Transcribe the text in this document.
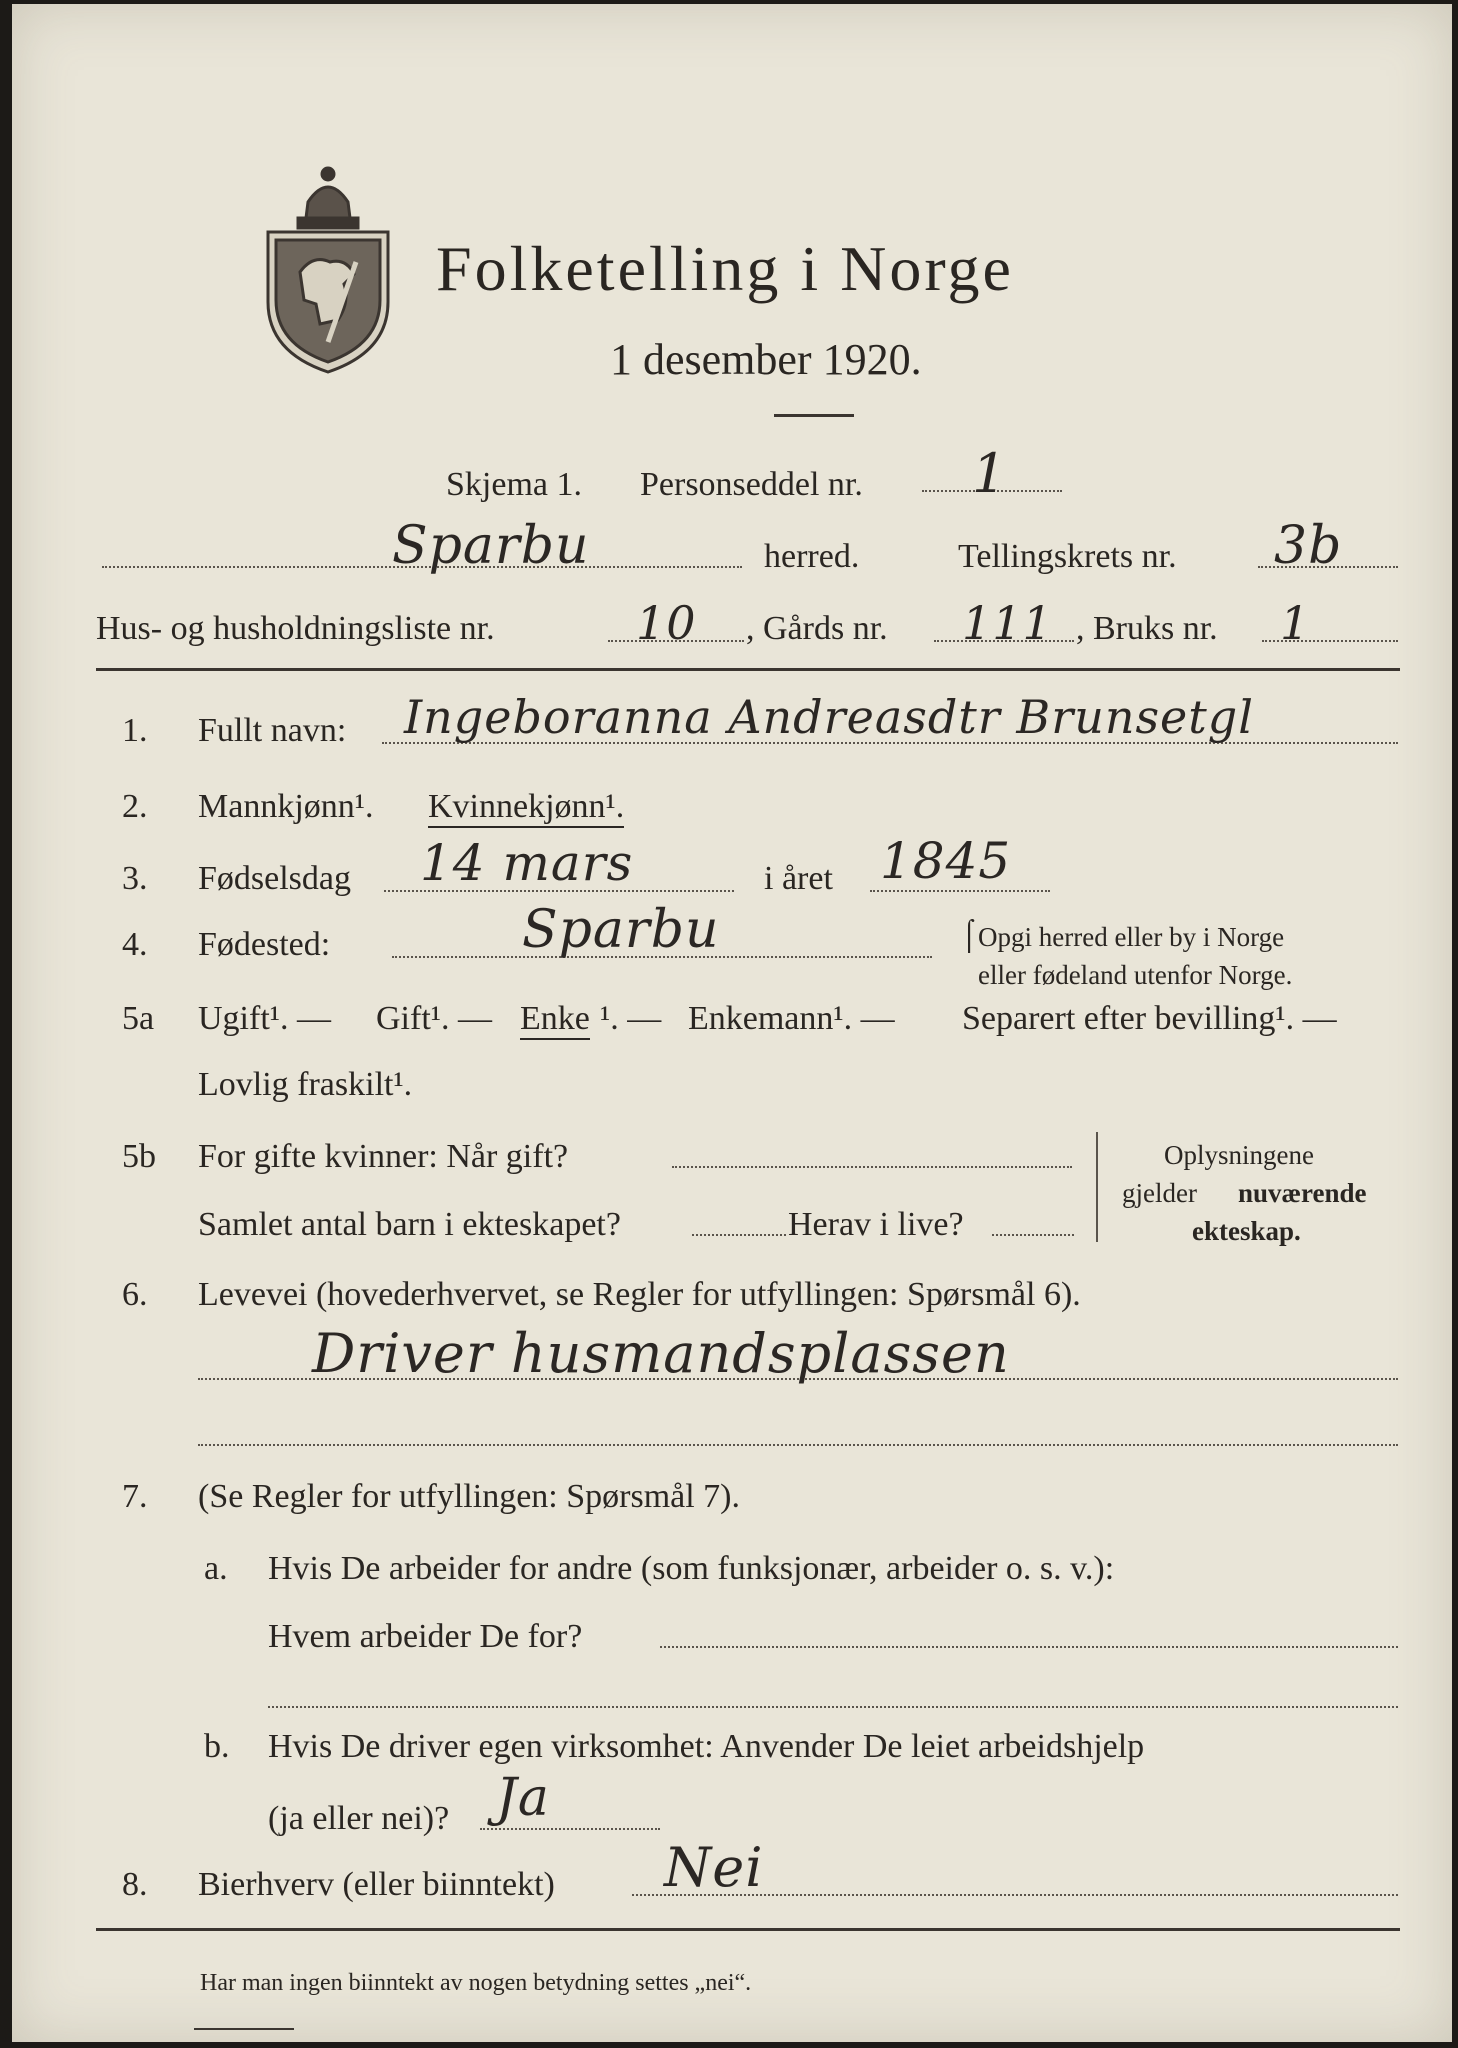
Folketelling i Norge
1 desember 1920.
Skjema 1. Personseddel nr. 1
Sparbu	herred.	Tellingskrets nr. 3b
Hus- og husholdningsliste nr.	10 , Gårds nr. 111 , Bruks nr. 1
1. Fullt navn: Ingeboranna Andreasdtr Brunsetgl
2. Mannkjønn¹. Kvinnekjønn¹.
3. Fødselsdag 14 mars	i året 1845
4. Fødested:	Sparbu	⌠ Opgi herred eller by i Norge
eller fødeland utenfor Norge.
5a Ugift¹. — Gift¹. — Enke ¹. — Enkemann¹. — Separert efter bevilling¹. —
Lovlig fraskilt¹.
5b For gifte kvinner: Når gift?
Samlet antal barn i ekteskapet?	Herav i live?
Oplysningene
gjelder nuværende
ekteskap.
6. Levevei (hovederhvervet, se Regler for utfyllingen: Spørsmål 6).
Driver husmandsplassen
7. (Se Regler for utfyllingen: Spørsmål 7).
a. Hvis De arbeider for andre (som funksjonær, arbeider o. s. v.):
Hvem arbeider De for?
b. Hvis De driver egen virksomhet: Anvender De leiet arbeidshjelp
(ja eller nei)? Ja
8. Bierhverv (eller biinntekt) Nei
Har man ingen biinntekt av nogen betydning settes „nei“.
